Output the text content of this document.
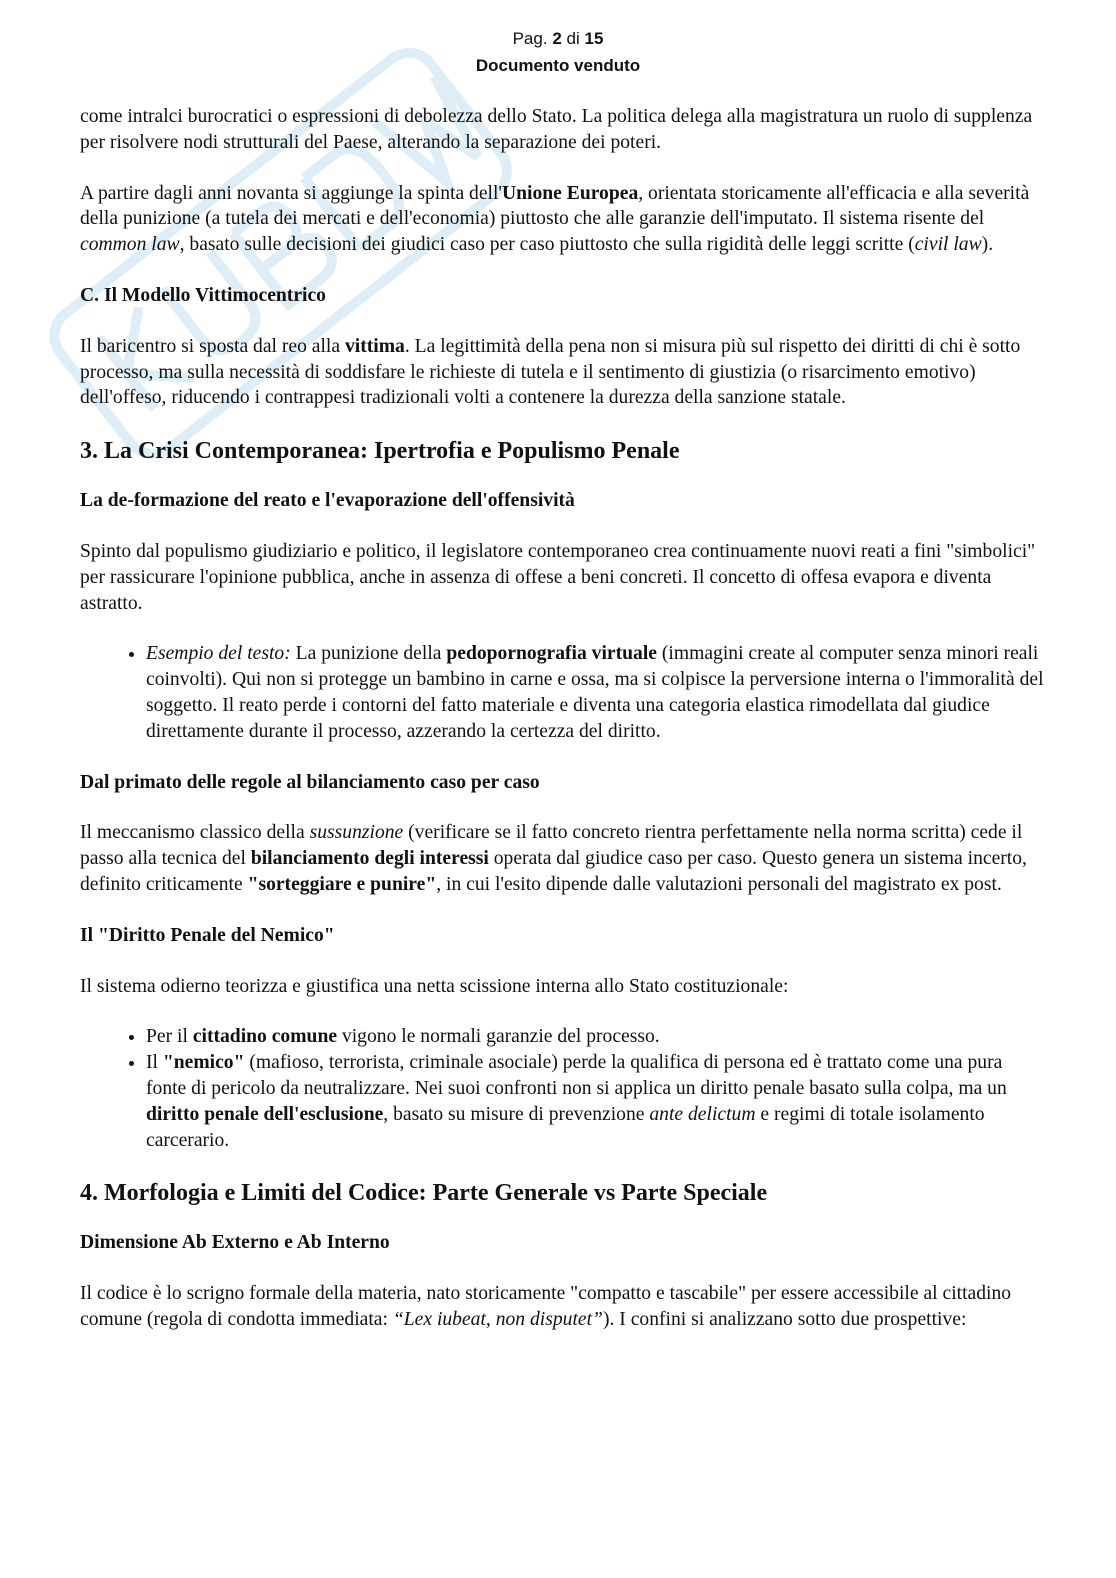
Pag. 2 di 15
Documento venduto

come intralci burocratici o espressioni di debolezza dello Stato. La politica delega alla magistratura un ruolo di supplenza per risolvere nodi strutturali del Paese, alterando la separazione dei poteri.

A partire dagli anni novanta si aggiunge la spinta dell'Unione Europea, orientata storicamente all'efficacia e alla severità della punizione (a tutela dei mercati e dell'economia) piuttosto che alle garanzie dell'imputato. Il sistema risente del common law, basato sulle decisioni dei giudici caso per caso piuttosto che sulla rigidità delle leggi scritte (civil law).

C. Il Modello Vittimocentrico

Il baricentro si sposta dal reo alla vittima. La legittimità della pena non si misura più sul rispetto dei diritti di chi è sotto processo, ma sulla necessità di soddisfare le richieste di tutela e il sentimento di giustizia (o risarcimento emotivo) dell'offeso, riducendo i contrappesi tradizionali volti a contenere la durezza della sanzione statale.

3. La Crisi Contemporanea: Ipertrofia e Populismo Penale
La de-formazione del reato e l'evaporazione dell'offensività

Spinto dal populismo giudiziario e politico, il legislatore contemporaneo crea continuamente nuovi reati a fini "simbolici" per rassicurare l'opinione pubblica, anche in assenza di offese a beni concreti. Il concetto di offesa evapora e diventa astratto.

• Esempio del testo: La punizione della pedopornografia virtuale (immagini create al computer senza minori reali coinvolti). Qui non si protegge un bambino in carne e ossa, ma si colpisce la perversione interna o l'immoralità del soggetto. Il reato perde i contorni del fatto materiale e diventa una categoria elastica rimodellata dal giudice direttamente durante il processo, azzerando la certezza del diritto.
Dal primato delle regole al bilanciamento caso per caso

Il meccanismo classico della sussunzione (verificare se il fatto concreto rientra perfettamente nella norma scritta) cede il passo alla tecnica del bilanciamento degli interessi operata dal giudice caso per caso. Questo genera un sistema incerto, definito criticamente "sorteggiare e punire", in cui l'esito dipende dalle valutazioni personali del magistrato ex post.

Il "Diritto Penale del Nemico"

Il sistema odierno teorizza e giustifica una netta scissione interna allo Stato costituzionale:

• Per il cittadino comune vigono le normali garanzie del processo.
• Il "nemico" (mafioso, terrorista, criminale asociale) perde la qualifica di persona ed è trattato come una pura fonte di pericolo da neutralizzare. Nei suoi confronti non si applica un diritto penale basato sulla colpa, ma un diritto penale dell'esclusione, basato su misure di prevenzione ante delictum e regimi di totale isolamento carcerario.
4. Morfologia e Limiti del Codice: Parte Generale vs Parte Speciale
Dimensione Ab Externo e Ab Interno

Il codice è lo scrigno formale della materia, nato storicamente "compatto e tascabile" per essere accessibile al cittadino comune (regola di condotta immediata: “Lex iubeat, non disputet”). I confini si analizzano sotto due prospettive:
